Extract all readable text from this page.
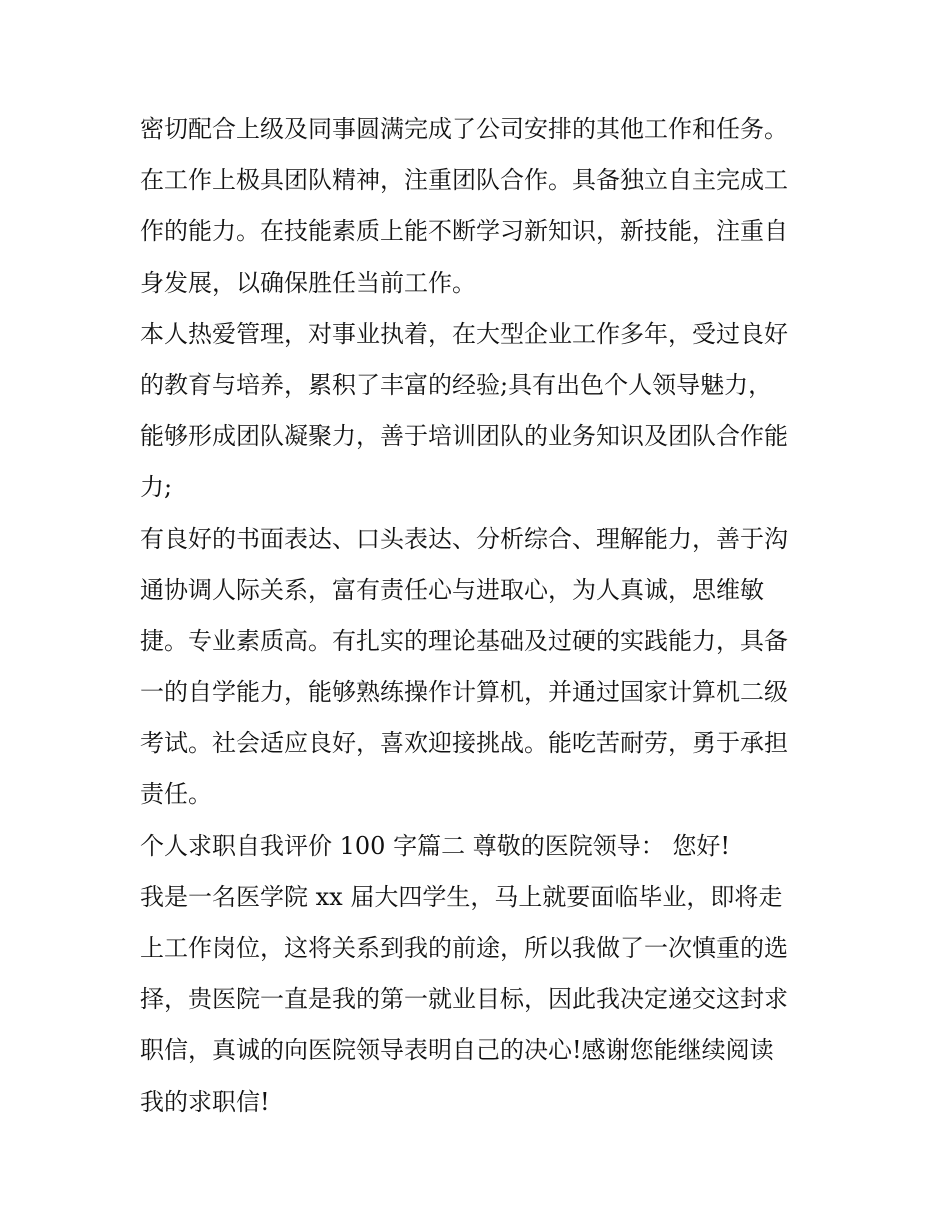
密切配合上级及同事圆满完成了公司安排的其他工作和任务。
在工作上极具团队精神，注重团队合作。具备独立自主完成工
作的能力。在技能素质上能不断学习新知识，新技能，注重自
身发展，以确保胜任当前工作。
本人热爱管理，对事业执着，在大型企业工作多年，受过良好
的教育与培养，累积了丰富的经验;具有出色个人领导魅力，
能够形成团队凝聚力，善于培训团队的业务知识及团队合作能
力;
有良好的书面表达、口头表达、分析综合、理解能力，善于沟
通协调人际关系，富有责任心与进取心，为人真诚，思维敏
捷。专业素质高。有扎实的理论基础及过硬的实践能力，具备
一的自学能力，能够熟练操作计算机，并通过国家计算机二级
考试。社会适应良好，喜欢迎接挑战。能吃苦耐劳，勇于承担
责任。
个人求职自我评价 100 字篇二 尊敬的医院领导： 您好!
我是一名医学院 xx 届大四学生，马上就要面临毕业，即将走
上工作岗位，这将关系到我的前途，所以我做了一次慎重的选
择，贵医院一直是我的第一就业目标，因此我决定递交这封求
职信，真诚的向医院领导表明自己的决心!感谢您能继续阅读
我的求职信!
